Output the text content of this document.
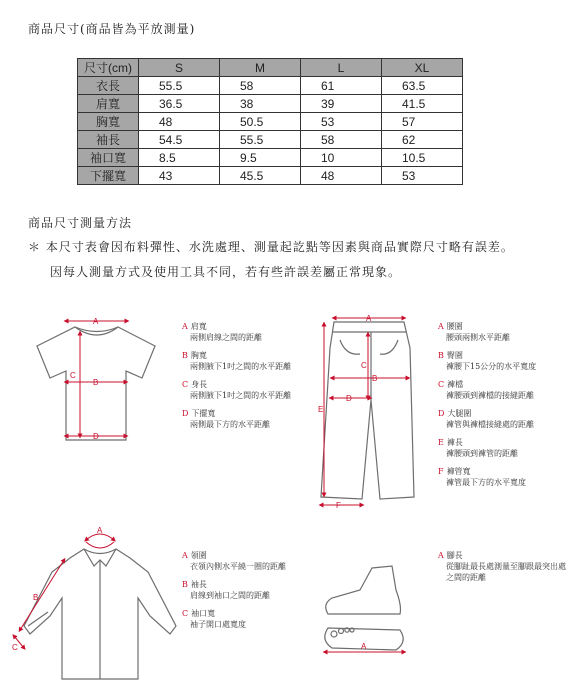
商品尺寸(商品皆為平放測量)
尺寸(cm)	S	M	L	XL
衣長	55.5	58	61	63.5
肩寬	36.5	38	39	41.5
胸寬	48	50.5	53	57
袖長	54.5	55.5	58	62
袖口寬	8.5	9.5	10	10.5
下擺寬	43	45.5	48	53
商品尺寸測量方法
＊ 本尺寸表會因布料彈性、水洗處理、測量起訖點等因素與商品實際尺寸略有誤差。
因每人測量方式及使用工具不同，若有些許誤差屬正常現象。
A
B
C
D
A
B
C
D
E
F
A
B
C	A
A 肩寬
兩側肩線之間的距離
B 胸寬
兩側腋下1吋之間的水平距離
C 身長
兩側腋下1吋之間的水平距離
D 下擺寬
兩側最下方的水平距離
A 腰圍
腰頭兩側水平距離
B 臀圍
褲腰下15公分的水平寬度
C 褲檔
褲腰頭到褲檔的接縫距離
D 大腿圍
褲管與褲檔接縫處的距離
E 褲長
褲腰頭到褲管的距離
F 褲管寬
褲管最下方的水平寬度
A 領圍
衣領內側水平繞一圈的距離
B 袖長
肩線到袖口之間的距離
C 袖口寬
袖子開口處寬度
A 腳長
從腳趾最長處測量至腳跟最突出處之間的距離
